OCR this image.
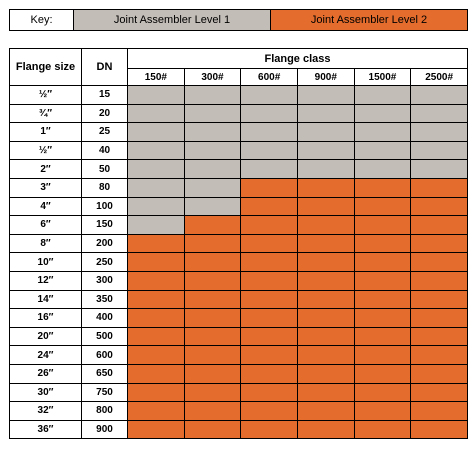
Key:	Joint Assembler Level 1	Joint Assembler Level 2
Flange size	DN	Flange class					
		150#	300#	600#	900#	1500#	2500#
½″	15						
¾″	20						
1″	25						
½″	40						
2″	50						
3″	80						
4″	100						
6″	150						
8″	200						
10″	250						
12″	300						
14″	350						
16″	400						
20″	500						
24″	600						
26″	650						
30″	750						
32″	800						
36″	900						
